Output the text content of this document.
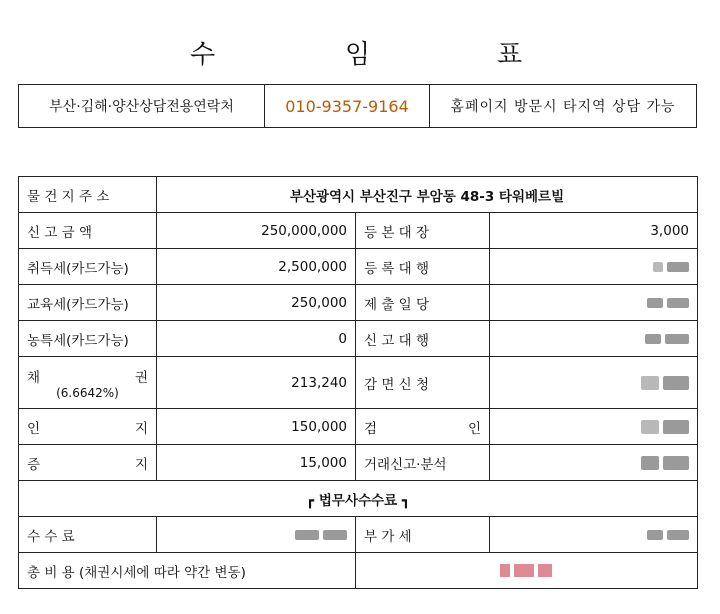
수	임	표
부산·김해·양산상담전용연락처	010-9357-9164	홈페이지 방문시 타지역 상담 가능
물 건 지 주 소	부산광역시 부산진구 부암동 48-3 타워베르빌		
신 고 금 액	250,000,000	등 본 대 장	3,000
취득세(카드가능)	2,500,000	등 록 대 행	

교육세(카드가능)	250,000	제 출 일 당	

농특세(카드가능)	0	신 고 대 행	

채 권
(6.6642%)	213,240	감 면 신 청	

인 지	150,000	검 인	

증 지	15,000	거래신고·분석	

┏ 법무사수수료 ┓			
수 수 료		부 가 세	

총 비 용 (채권시세에 따라 약간 변동)			
